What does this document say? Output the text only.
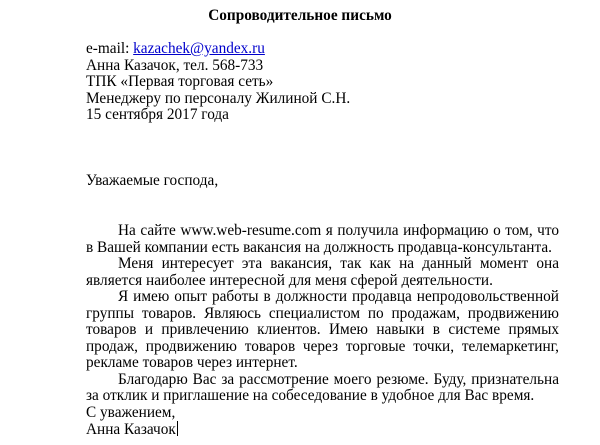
Сопроводительное письмо
e-mail: kazachek@yandex.ru
Анна Казачок, тел. 568-733
ТПК «Первая торговая сеть»
Менеджеру по персоналу Жилиной С.Н.
15 сентября 2017 года
Уважаемые господа,

На сайте www.web-resume.com я получила информацию о том, что в Вашей компании есть вакансия на должность продавца-консультанта.

Меня интересует эта вакансия, так как на данный момент она является наиболее интересной для меня сферой деятельности.

Я имею опыт работы в должности продавца непродовольственной группы товаров. Являюсь специалистом по продажам, продвижению товаров и привлечению клиентов. Имею навыки в системе прямых продаж, продвижению товаров через торговые точки, телемаркетинг, рекламе товаров через интернет.

Благодарю Вас за рассмотрение моего резюме. Буду, признательна за отклик и приглашение на собеседование в удобное для Вас время.

С уважением,
Анна Казачок
